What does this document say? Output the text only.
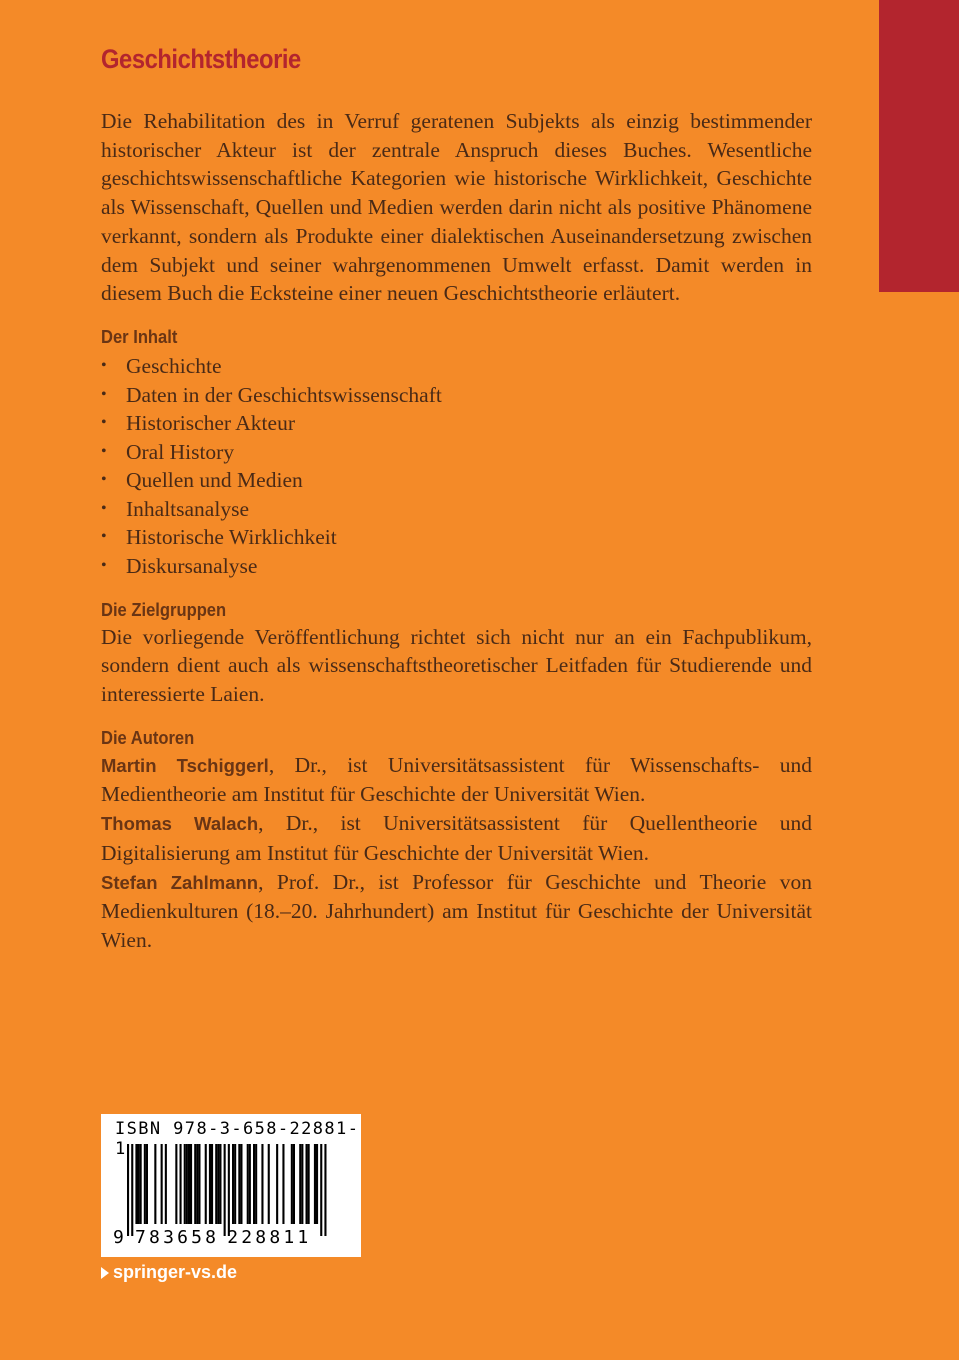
Geschichtstheorie

Die Rehabilitation des in Verruf geratenen Subjekts als einzig bestimmender historischer Akteur ist der zentrale Anspruch dieses Buches. Wesentliche geschichtswissenschaftliche Kategorien wie historische Wirklichkeit, Geschichte als Wissenschaft, Quellen und Medien werden darin nicht als positive Phänomene verkannt, sondern als Produkte einer dialektischen Auseinandersetzung zwischen dem Subjekt und seiner wahrgenommenen Umwelt erfasst. Damit werden in diesem Buch die Ecksteine einer neuen Geschichtstheorie erläutert.

Der Inhalt
• Geschichte
• Daten in der Geschichtswissenschaft
• Historischer Akteur
• Oral History
• Quellen und Medien
• Inhaltsanalyse
• Historische Wirklichkeit
• Diskursanalyse
Die Zielgruppen

Die vorliegende Veröffentlichung richtet sich nicht nur an ein Fachpublikum, sondern dient auch als wissenschaftstheoretischer Leitfaden für Studierende und interessierte Laien.

Die Autoren

Martin Tschiggerl, Dr., ist Universitätsassistent für Wissenschafts- und Medientheorie am Institut für Geschichte der Universität Wien.

Thomas Walach, Dr., ist Universitätsassistent für Quellentheorie und Digitalisierung am Institut für Geschichte der Universität Wien.

Stefan Zahlmann, Prof. Dr., ist Professor für Geschichte und Theorie von Medienkulturen (18.–20. Jahrhundert) am Institut für Geschichte der Universität Wien.

ISBN 978-3-658-22881-1
9 783658 228811
springer-vs.de
